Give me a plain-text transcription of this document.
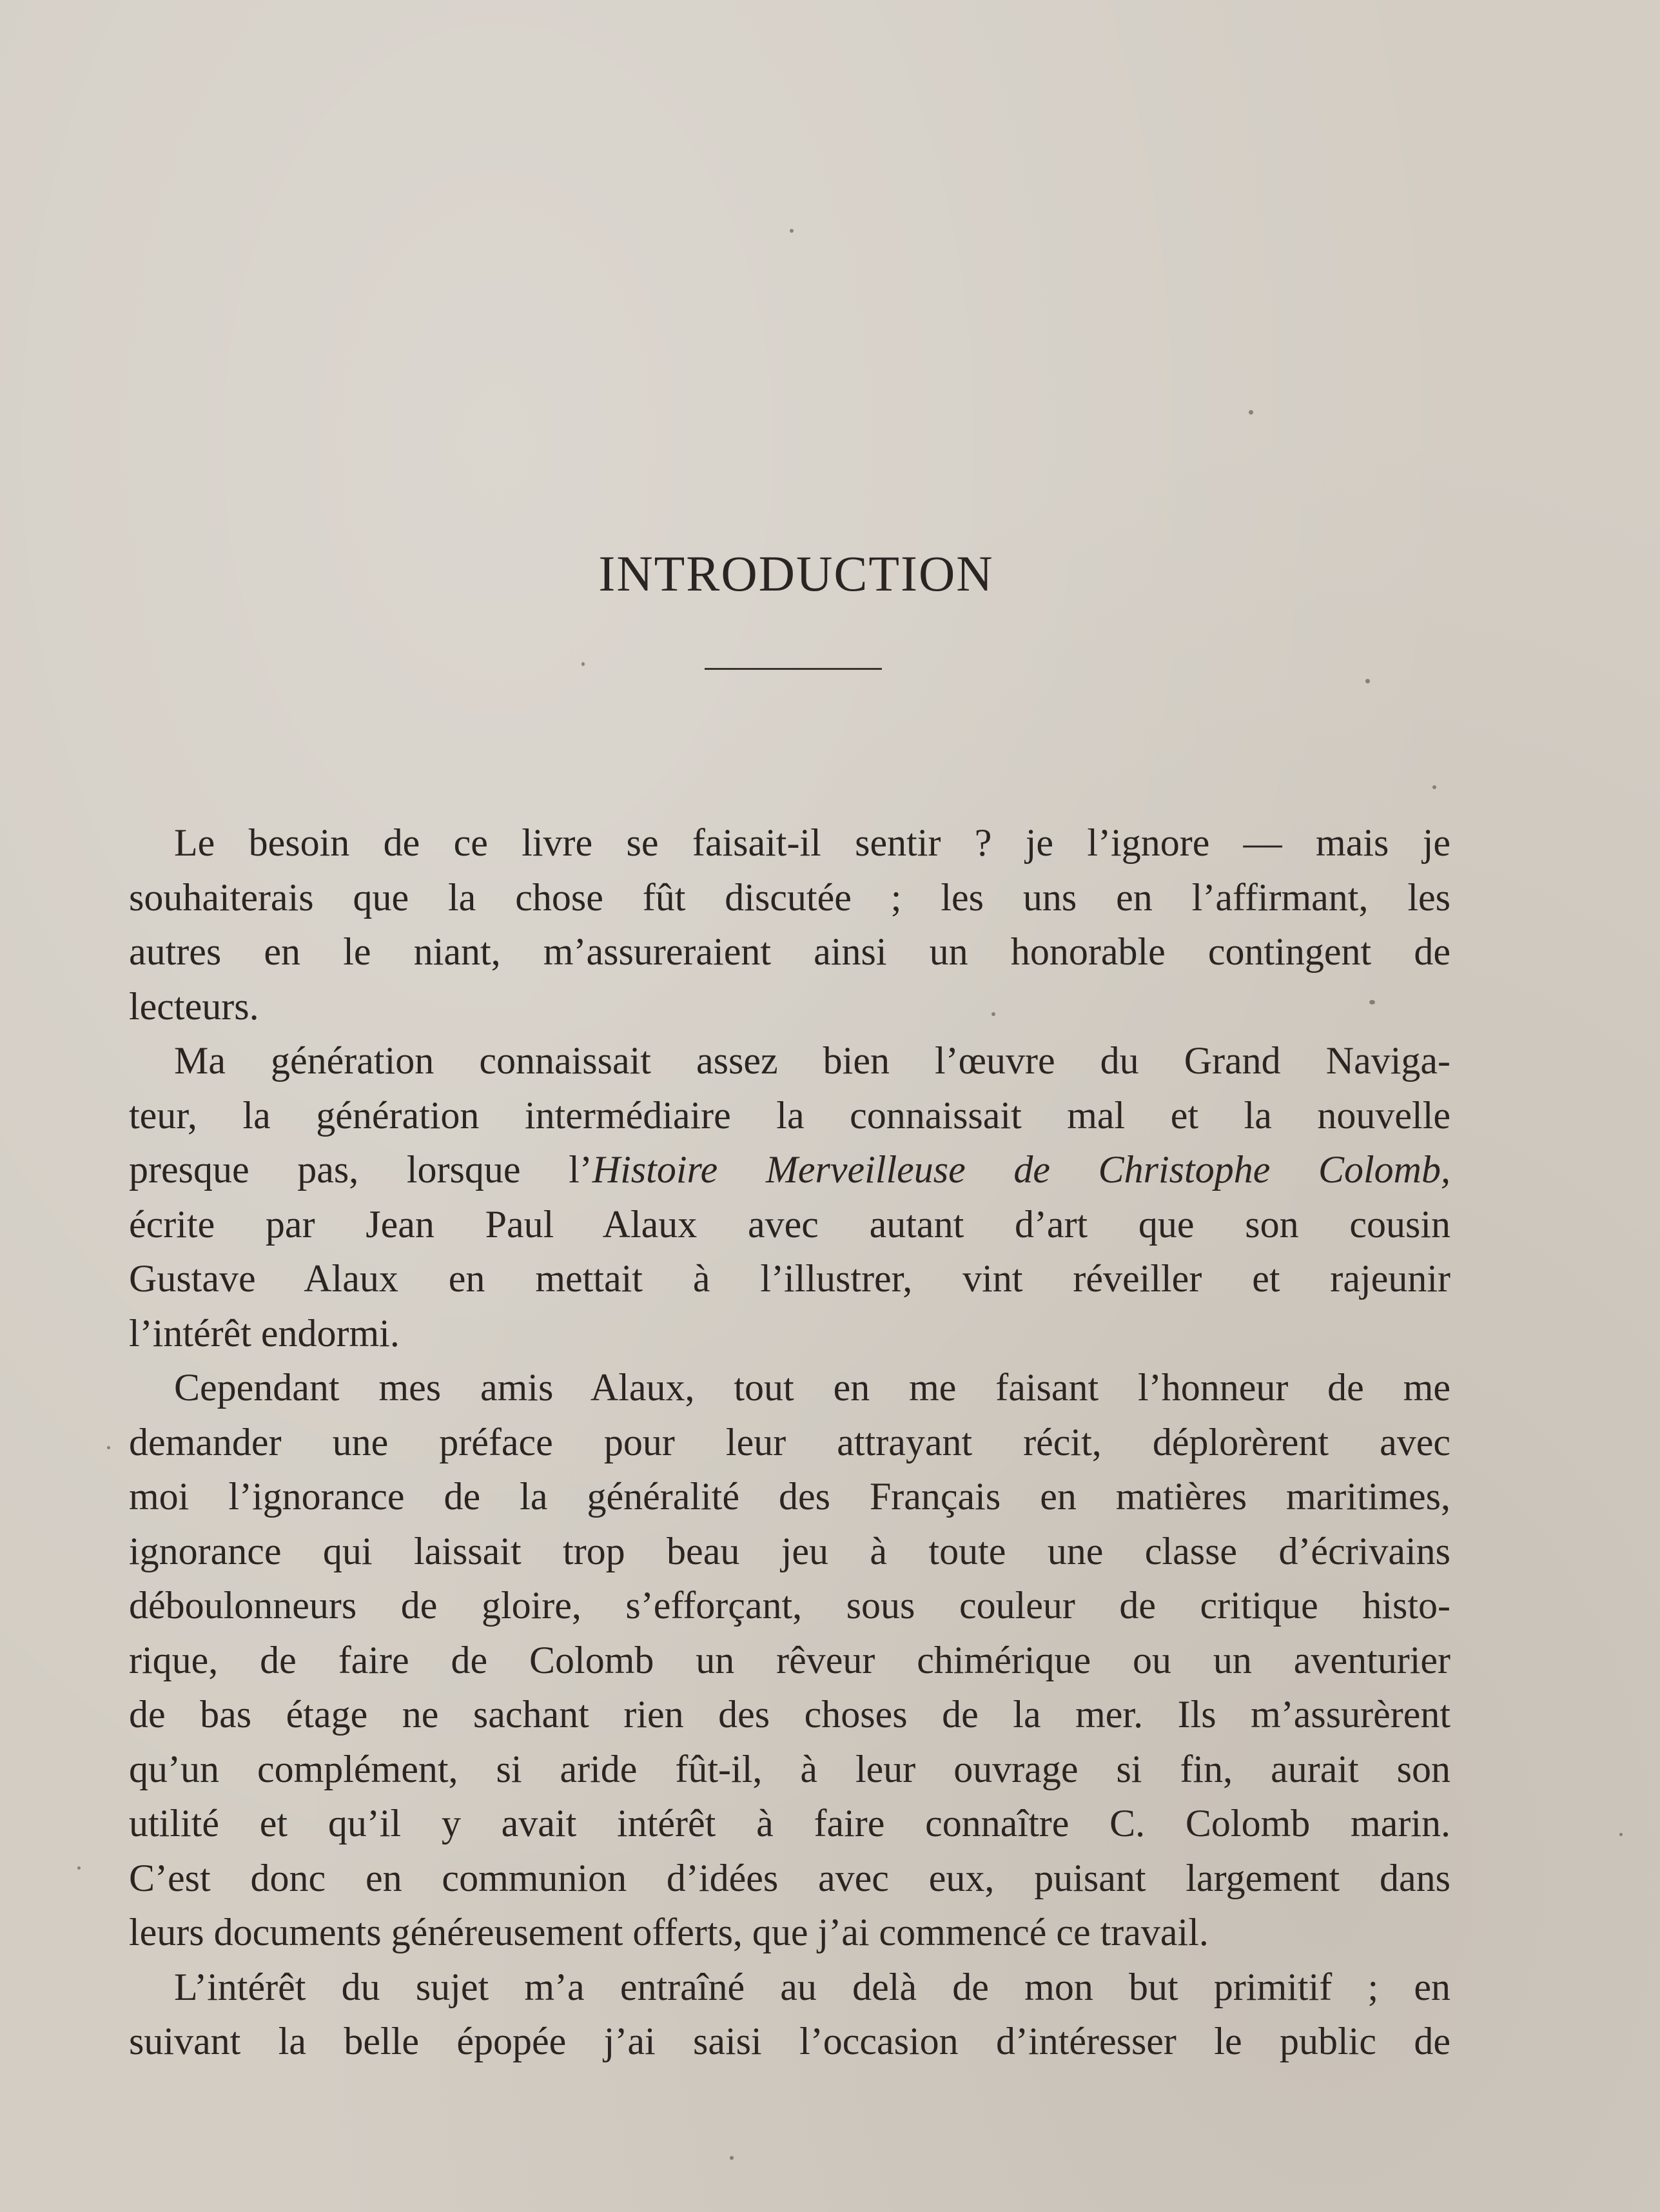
INTRODUCTION
Le besoin de ce livre se faisait-il sentir ? je l’ignore — mais je
souhaiterais que la chose fût discutée ; les uns en l’affirmant, les
autres en le niant, m’assureraient ainsi un honorable contingent de
lecteurs.
Ma génération connaissait assez bien l’œuvre du Grand Naviga-
teur, la génération intermédiaire la connaissait mal et la nouvelle
presque pas, lorsque l’Histoire Merveilleuse de Christophe Colomb,
écrite par Jean Paul Alaux avec autant d’art que son cousin
Gustave Alaux en mettait à l’illustrer, vint réveiller et rajeunir
l’intérêt endormi.
Cependant mes amis Alaux, tout en me faisant l’honneur de me
demander une préface pour leur attrayant récit, déplorèrent avec
moi l’ignorance de la généralité des Français en matières maritimes,
ignorance qui laissait trop beau jeu à toute une classe d’écrivains
déboulonneurs de gloire, s’efforçant, sous couleur de critique histo-
rique, de faire de Colomb un rêveur chimérique ou un aventurier
de bas étage ne sachant rien des choses de la mer. Ils m’assurèrent
qu’un complément, si aride fût-il, à leur ouvrage si fin, aurait son
utilité et qu’il y avait intérêt à faire connaître C. Colomb marin.
C’est donc en communion d’idées avec eux, puisant largement dans
leurs documents généreusement offerts, que j’ai commencé ce travail.
L’intérêt du sujet m’a entraîné au delà de mon but primitif ; en
suivant la belle épopée j’ai saisi l’occasion d’intéresser le public de
